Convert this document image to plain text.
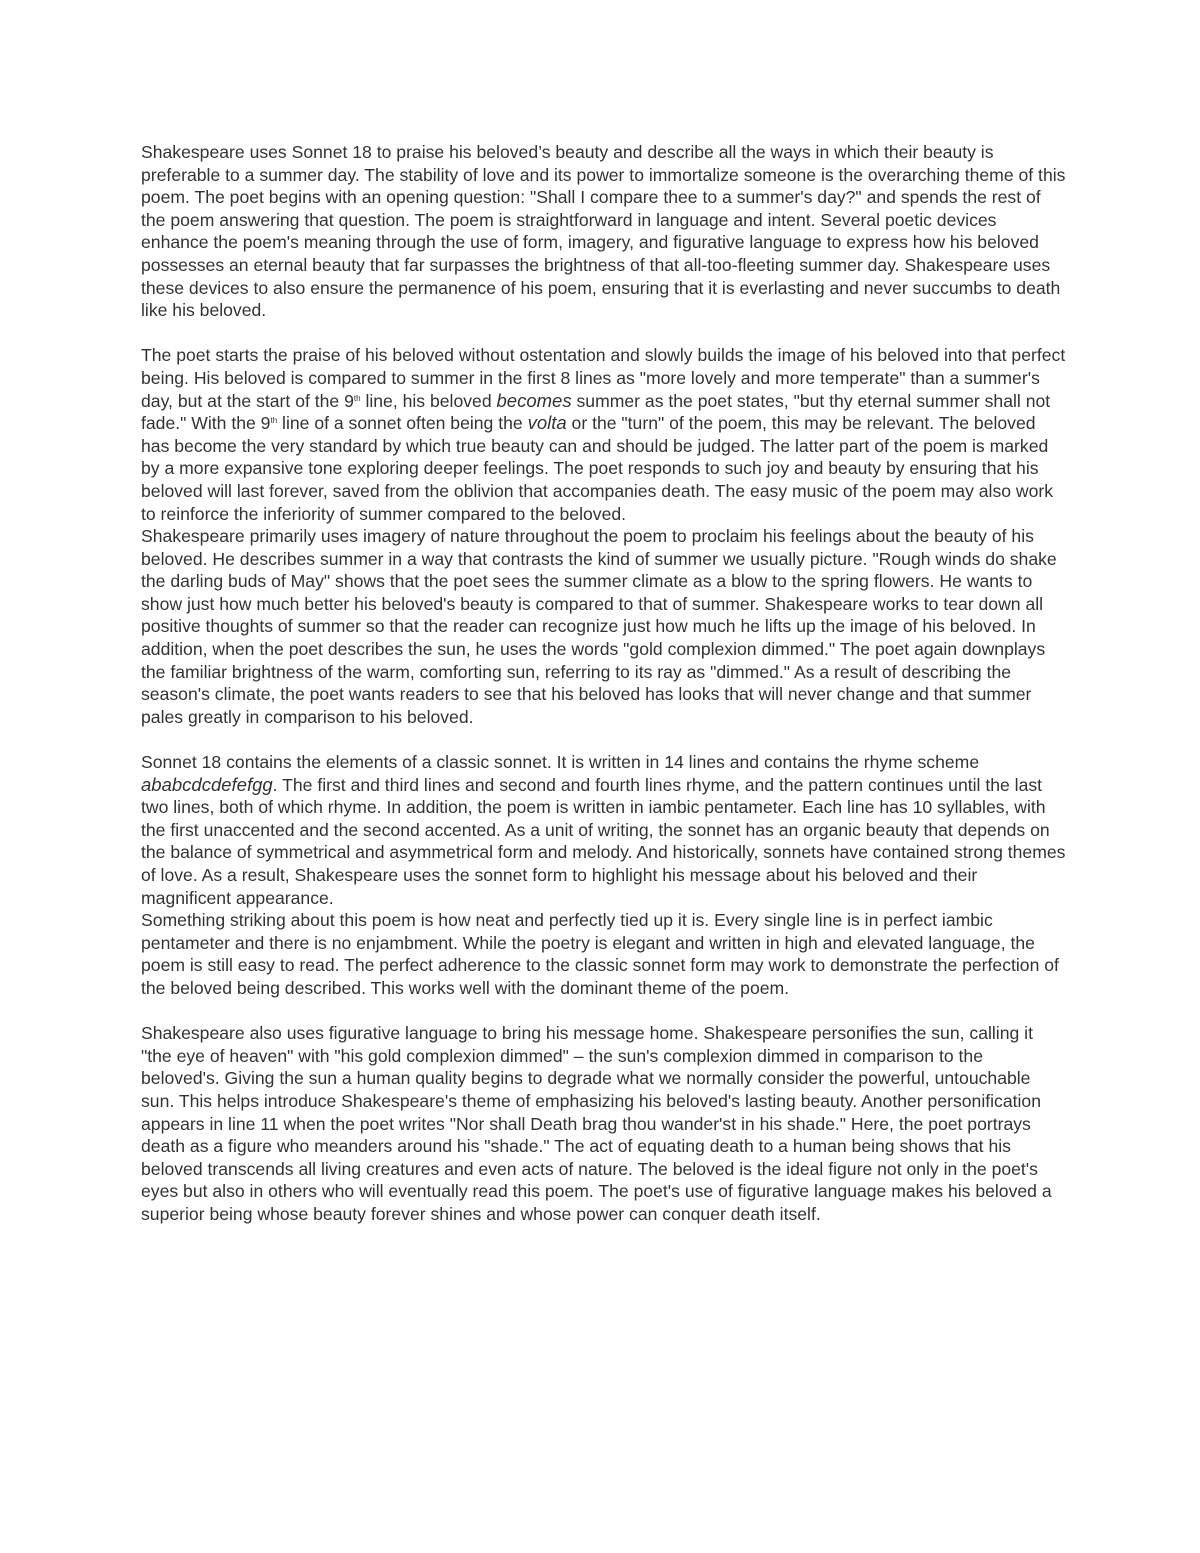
Shakespeare uses Sonnet 18 to praise his beloved’s beauty and describe all the ways in which their beauty is preferable to a summer day. The stability of love and its power to immortalize someone is the overarching theme of this poem. The poet begins with an opening question: "Shall I compare thee to a summer's day?" and spends the rest of the poem answering that question. The poem is straightforward in language and intent. Several poetic devices enhance the poem's meaning through the use of form, imagery, and figurative language to express how his beloved possesses an eternal beauty that far surpasses the brightness of that all-too-fleeting summer day. Shakespeare uses these devices to also ensure the permanence of his poem, ensuring that it is everlasting and never succumbs to death like his beloved.

The poet starts the praise of his beloved without ostentation and slowly builds the image of his beloved into that perfect being. His beloved is compared to summer in the first 8 lines as "more lovely and more temperate" than a summer's day, but at the start of the 9th line, his beloved becomes summer as the poet states, "but thy eternal summer shall not fade." With the 9th line of a sonnet often being the volta or the "turn" of the poem, this may be relevant. The beloved has become the very standard by which true beauty can and should be judged. The latter part of the poem is marked by a more expansive tone exploring deeper feelings. The poet responds to such joy and beauty by ensuring that his beloved will last forever, saved from the oblivion that accompanies death. The easy music of the poem may also work to reinforce the inferiority of summer compared to the beloved.

Shakespeare primarily uses imagery of nature throughout the poem to proclaim his feelings about the beauty of his beloved. He describes summer in a way that contrasts the kind of summer we usually picture. "Rough winds do shake the darling buds of May" shows that the poet sees the summer climate as a blow to the spring flowers. He wants to show just how much better his beloved's beauty is compared to that of summer. Shakespeare works to tear down all positive thoughts of summer so that the reader can recognize just how much he lifts up the image of his beloved. In addition, when the poet describes the sun, he uses the words "gold complexion dimmed." The poet again downplays the familiar brightness of the warm, comforting sun, referring to its ray as "dimmed." As a result of describing the season's climate, the poet wants readers to see that his beloved has looks that will never change and that summer pales greatly in comparison to his beloved.

Sonnet 18 contains the elements of a classic sonnet. It is written in 14 lines and contains the rhyme scheme ababcdcdefefgg. The first and third lines and second and fourth lines rhyme, and the pattern continues until the last two lines, both of which rhyme. In addition, the poem is written in iambic pentameter. Each line has 10 syllables, with the first unaccented and the second accented. As a unit of writing, the sonnet has an organic beauty that depends on the balance of symmetrical and asymmetrical form and melody. And historically, sonnets have contained strong themes of love. As a result, Shakespeare uses the sonnet form to highlight his message about his beloved and their magnificent appearance.

Something striking about this poem is how neat and perfectly tied up it is. Every single line is in perfect iambic pentameter and there is no enjambment. While the poetry is elegant and written in high and elevated language, the poem is still easy to read. The perfect adherence to the classic sonnet form may work to demonstrate the perfection of the beloved being described. This works well with the dominant theme of the poem.

Shakespeare also uses figurative language to bring his message home. Shakespeare personifies the sun, calling it "the eye of heaven" with "his gold complexion dimmed" – the sun's complexion dimmed in comparison to the beloved's. Giving the sun a human quality begins to degrade what we normally consider the powerful, untouchable sun. This helps introduce Shakespeare's theme of emphasizing his beloved's lasting beauty. Another personification appears in line 11 when the poet writes "Nor shall Death brag thou wander'st in his shade." Here, the poet portrays death as a figure who meanders around his "shade." The act of equating death to a human being shows that his beloved transcends all living creatures and even acts of nature. The beloved is the ideal figure not only in the poet's eyes but also in others who will eventually read this poem. The poet's use of figurative language makes his beloved a superior being whose beauty forever shines and whose power can conquer death itself.
